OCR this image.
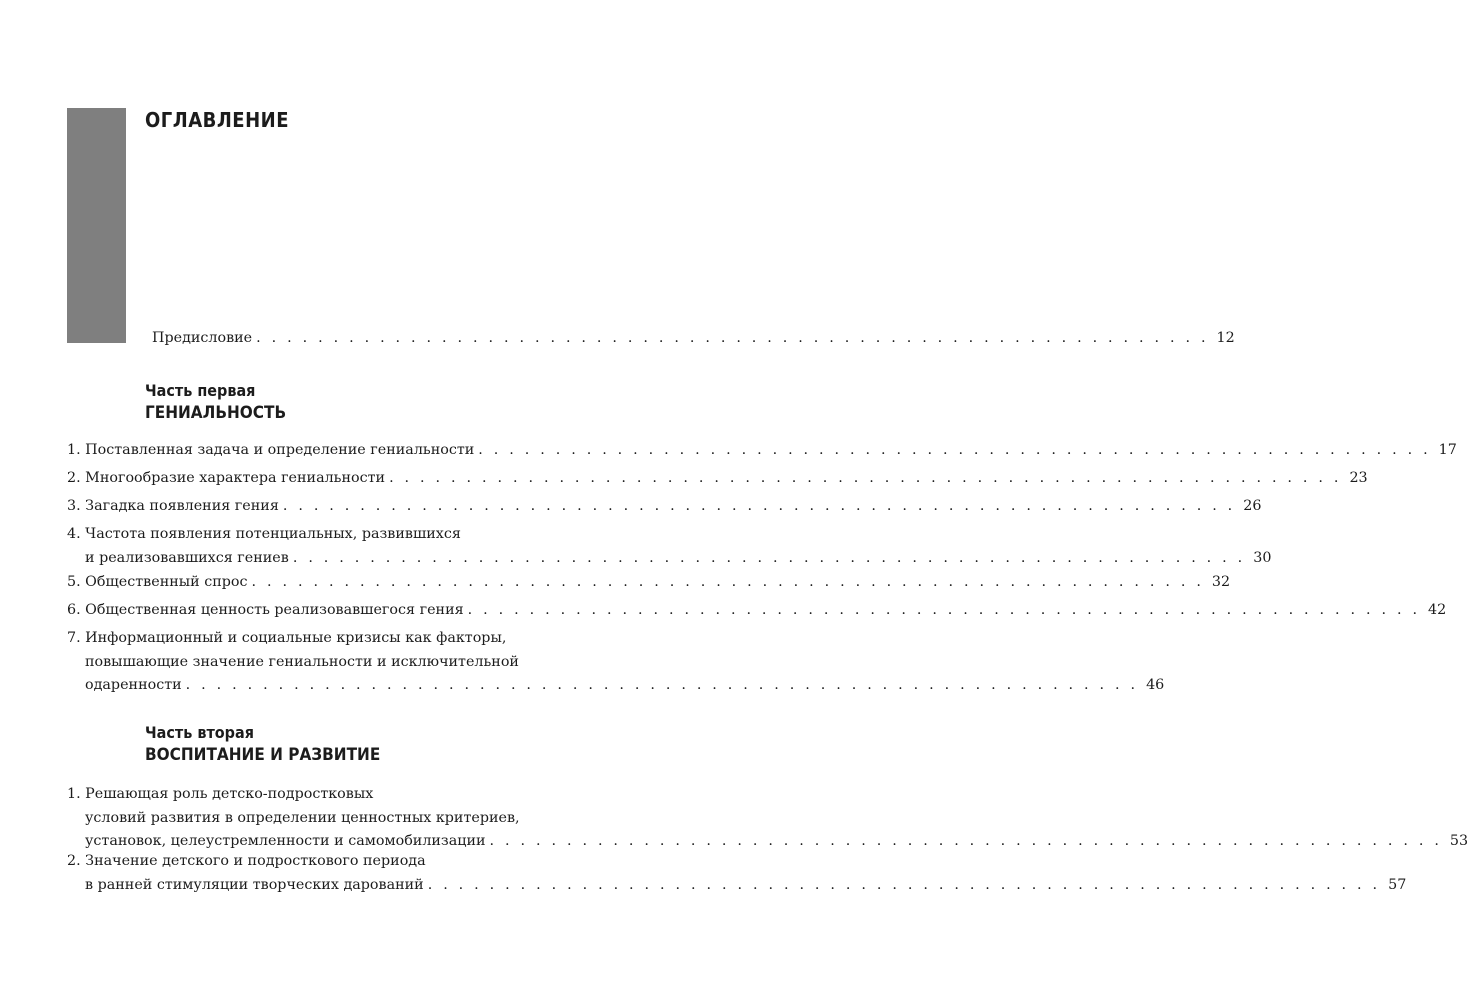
ОГЛАВЛЕНИЕ
Предисловие . . . . . . . . . . . . . . . . . . . . . . . . . . . . . . . . . . . . . . . . . . . . . . . . . . . . . . . . . . . . . . 12
Часть первая
ГЕНИАЛЬНОСТЬ
1. Поставленная задача и определение гениальности . . . . . . . . . . . . . . . . . . . . . . . . . . . . . . . . . . . . . . . . . . . . . . . . . . . . . . . . . . . . . . 17
2. Многообразие характера гениальности . . . . . . . . . . . . . . . . . . . . . . . . . . . . . . . . . . . . . . . . . . . . . . . . . . . . . . . . . . . . . . 23
3. Загадка появления гения . . . . . . . . . . . . . . . . . . . . . . . . . . . . . . . . . . . . . . . . . . . . . . . . . . . . . . . . . . . . . . 26
4. Частота появления потенциальных, развившихся
и реализовавшихся гениев . . . . . . . . . . . . . . . . . . . . . . . . . . . . . . . . . . . . . . . . . . . . . . . . . . . . . . . . . . . . . . 30
5. Общественный спрос . . . . . . . . . . . . . . . . . . . . . . . . . . . . . . . . . . . . . . . . . . . . . . . . . . . . . . . . . . . . . . 32
6. Общественная ценность реализовавшегося гения . . . . . . . . . . . . . . . . . . . . . . . . . . . . . . . . . . . . . . . . . . . . . . . . . . . . . . . . . . . . . . 42
7. Информационный и социальные кризисы как факторы,
повышающие значение гениальности и исключительной
одаренности . . . . . . . . . . . . . . . . . . . . . . . . . . . . . . . . . . . . . . . . . . . . . . . . . . . . . . . . . . . . . . 46
Часть вторая
ВОСПИТАНИЕ И РАЗВИТИЕ
1. Решающая роль детско-подростковых
условий развития в определении ценностных критериев,
установок, целеустремленности и самомобилизации . . . . . . . . . . . . . . . . . . . . . . . . . . . . . . . . . . . . . . . . . . . . . . . . . . . . . . . . . . . . . . 53
2. Значение детского и подросткового периода
в ранней стимуляции творческих дарований . . . . . . . . . . . . . . . . . . . . . . . . . . . . . . . . . . . . . . . . . . . . . . . . . . . . . . . . . . . . . . 57
